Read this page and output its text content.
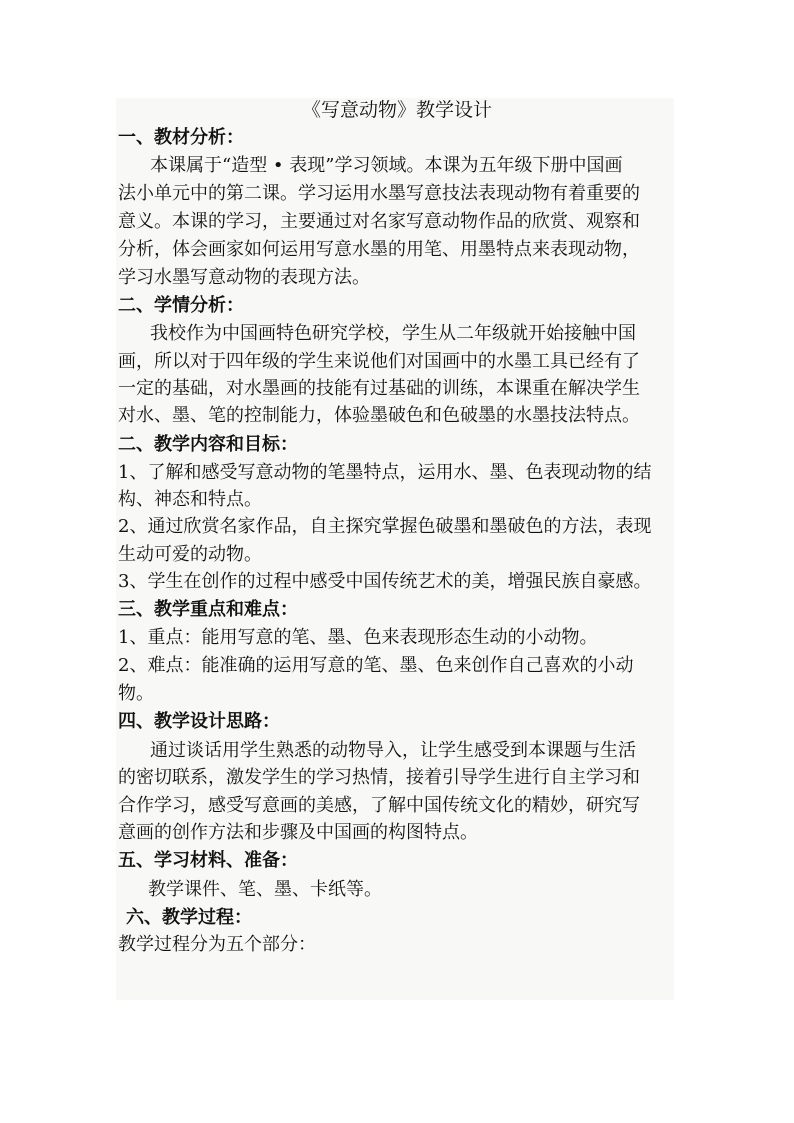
《写意动物》教学设计
一、教材分析：
本课属于“造型 • 表现”学习领域。本课为五年级下册中国画
法小单元中的第二课。学习运用水墨写意技法表现动物有着重要的
意义。本课的学习，主要通过对名家写意动物作品的欣赏、观察和
分析，体会画家如何运用写意水墨的用笔、用墨特点来表现动物，
学习水墨写意动物的表现方法。
二、学情分析：
我校作为中国画特色研究学校，学生从二年级就开始接触中国
画，所以对于四年级的学生来说他们对国画中的水墨工具已经有了
一定的基础，对水墨画的技能有过基础的训练，本课重在解决学生
对水、墨、笔的控制能力，体验墨破色和色破墨的水墨技法特点。
二、教学内容和目标：
1、了解和感受写意动物的笔墨特点，运用水、墨、色表现动物的结
构、神态和特点。
2、通过欣赏名家作品，自主探究掌握色破墨和墨破色的方法，表现
生动可爱的动物。
3、学生在创作的过程中感受中国传统艺术的美，增强民族自豪感。
三、教学重点和难点：
1、重点：能用写意的笔、墨、色来表现形态生动的小动物。
2、难点：能准确的运用写意的笔、墨、色来创作自己喜欢的小动
物。
四、教学设计思路：
通过谈话用学生熟悉的动物导入，让学生感受到本课题与生活
的密切联系，激发学生的学习热情，接着引导学生进行自主学习和
合作学习，感受写意画的美感，了解中国传统文化的精妙，研究写
意画的创作方法和步骤及中国画的构图特点。
五、学习材料、准备：
教学课件、笔、墨、卡纸等。
六、教学过程：
教学过程分为五个部分：
